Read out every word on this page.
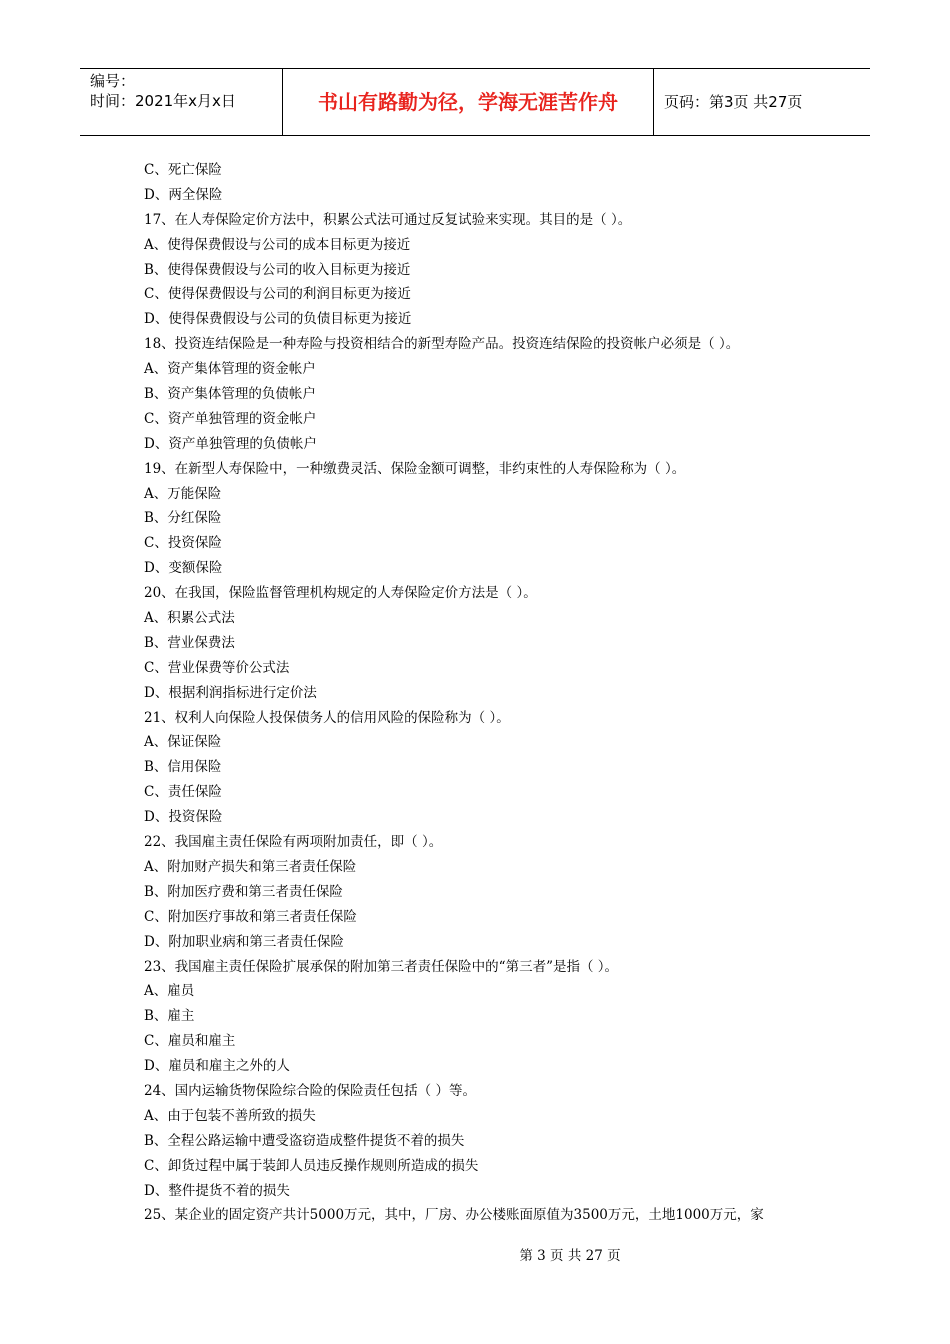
编号：
时间：2021年x月x日	书山有路勤为径，学海无涯苦作舟	页码：第3页 共27页
C、死亡保险
D、两全保险
17、在人寿保险定价方法中，积累公式法可通过反复试验来实现。其目的是（ ）。
A、使得保费假设与公司的成本目标更为接近
B、使得保费假设与公司的收入目标更为接近
C、使得保费假设与公司的利润目标更为接近
D、使得保费假设与公司的负债目标更为接近
18、投资连结保险是一种寿险与投资相结合的新型寿险产品。投资连结保险的投资帐户必须是（ ）。
A、资产集体管理的资金帐户
B、资产集体管理的负债帐户
C、资产单独管理的资金帐户
D、资产单独管理的负债帐户
19、在新型人寿保险中，一种缴费灵活、保险金额可调整，非约束性的人寿保险称为（ ）。
A、万能保险
B、分红保险
C、投资保险
D、变额保险
20、在我国，保险监督管理机构规定的人寿保险定价方法是（ ）。
A、积累公式法
B、营业保费法
C、营业保费等价公式法
D、根据利润指标进行定价法
21、权利人向保险人投保债务人的信用风险的保险称为（ ）。
A、保证保险
B、信用保险
C、责任保险
D、投资保险
22、我国雇主责任保险有两项附加责任，即（ ）。
A、附加财产损失和第三者责任保险
B、附加医疗费和第三者责任保险
C、附加医疗事故和第三者责任保险
D、附加职业病和第三者责任保险
23、我国雇主责任保险扩展承保的附加第三者责任保险中的“第三者”是指（ ）。
A、雇员
B、雇主
C、雇员和雇主
D、雇员和雇主之外的人
24、国内运输货物保险综合险的保险责任包括（ ）等。
A、由于包装不善所致的损失
B、全程公路运输中遭受盗窃造成整件提货不着的损失
C、卸货过程中属于装卸人员违反操作规则所造成的损失
D、整件提货不着的损失
25、某企业的固定资产共计5000万元，其中，厂房、办公楼账面原值为3500万元，土地1000万元，家
第 3 页 共 27 页
